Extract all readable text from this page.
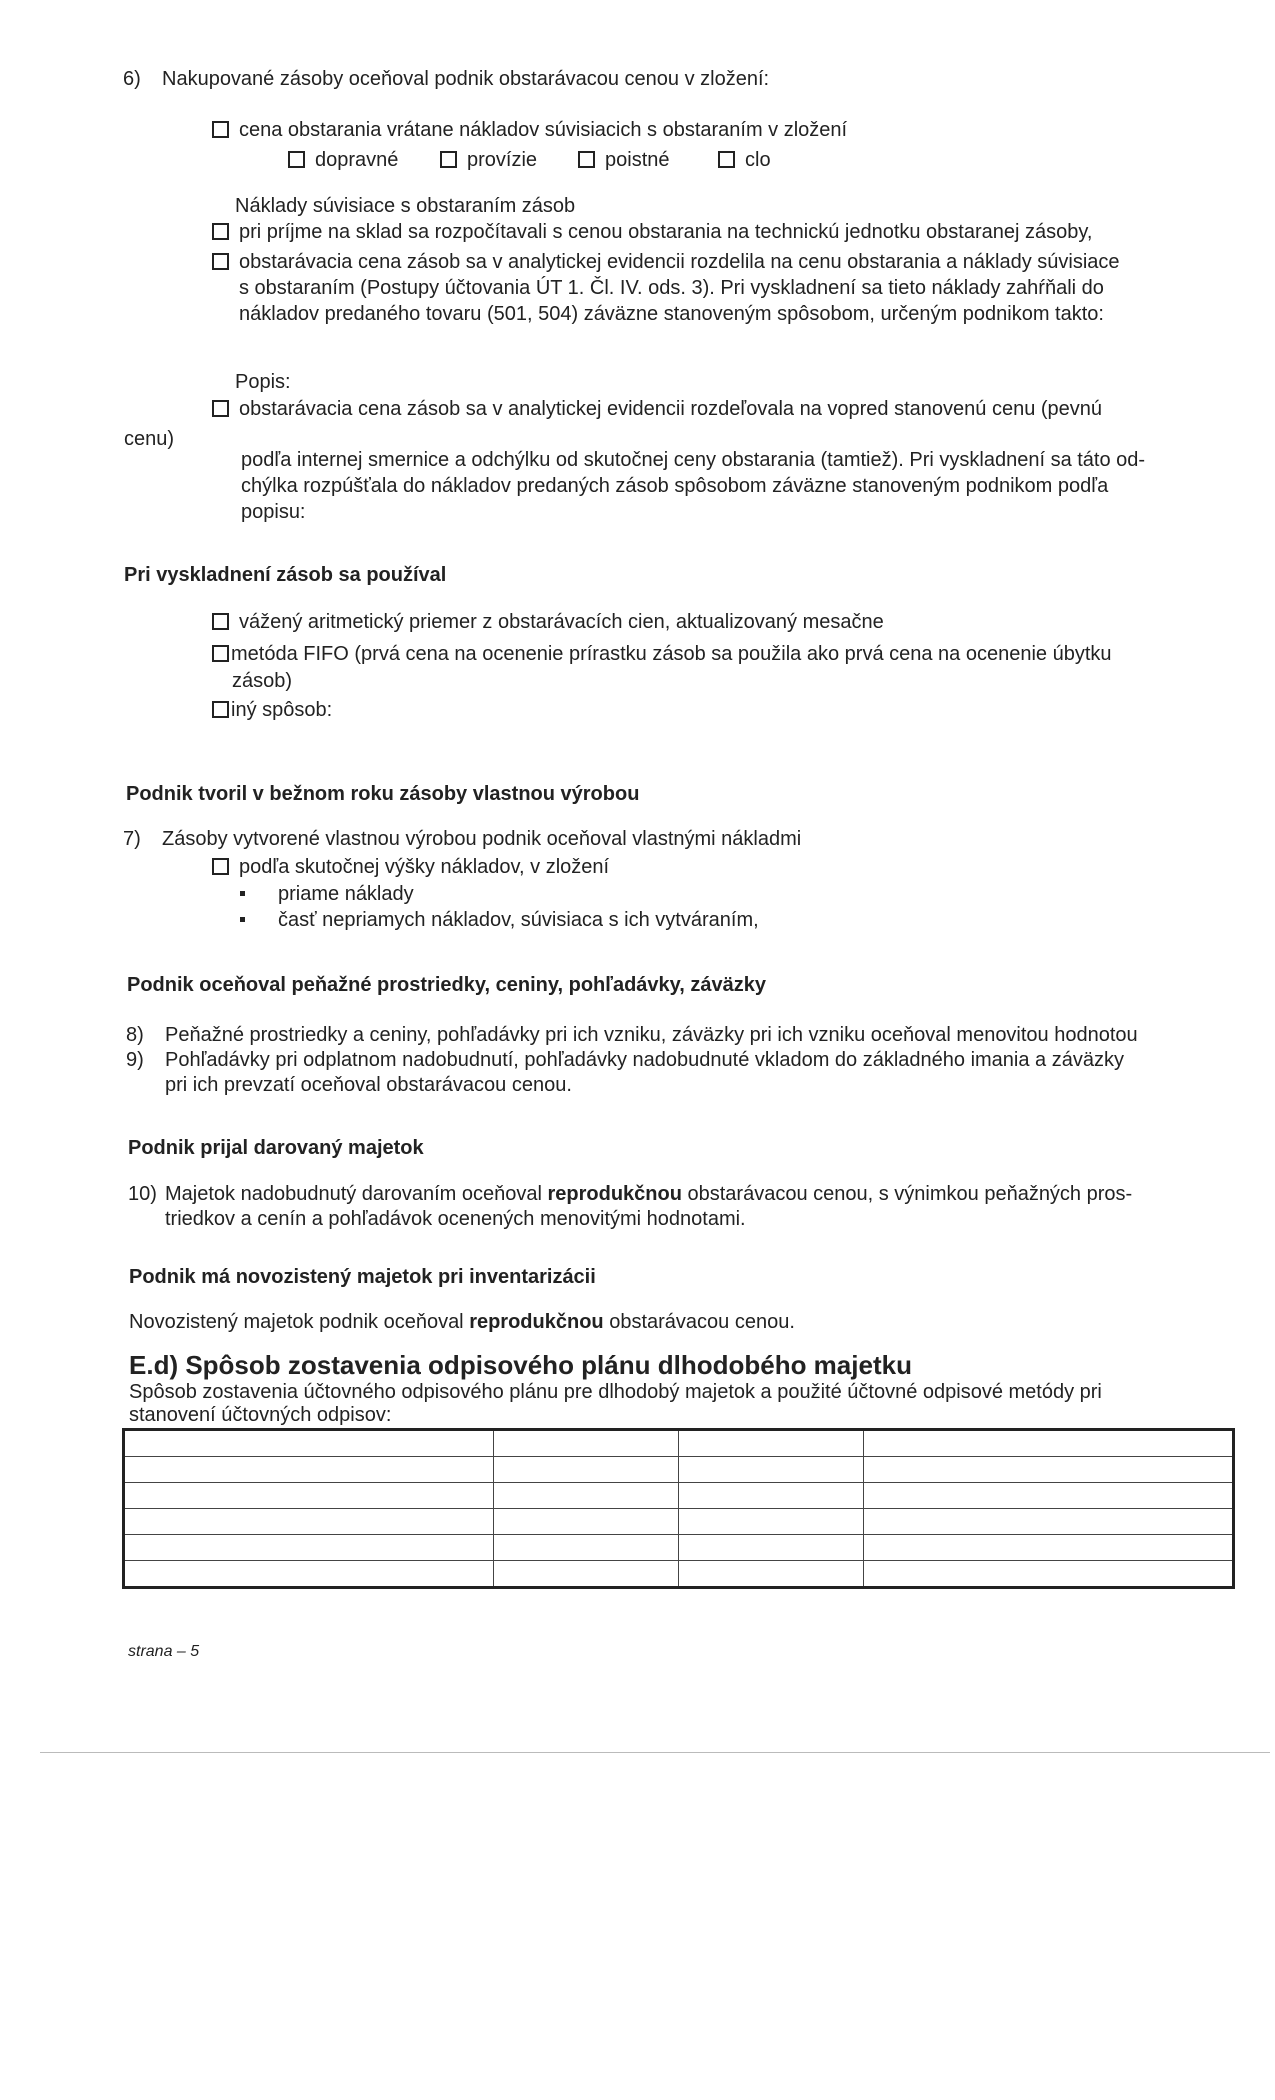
6) Nakupované zásoby oceňoval podnik obstarávacou cenou v zložení:
cena obstarania vrátane nákladov súvisiacich s obstaraním v zložení
dopravné	provízie	poistné	clo
Náklady súvisiace s obstaraním zásob
pri príjme na sklad sa rozpočítavali s cenou obstarania na technickú jednotku obstaranej zásoby,
obstarávacia cena zásob sa v analytickej evidencii rozdelila na cenu obstarania a náklady súvisiace
s obstaraním (Postupy účtovania ÚT 1. Čl. IV. ods. 3). Pri vyskladnení sa tieto náklady zahŕňali do
nákladov predaného tovaru (501, 504) záväzne stanoveným spôsobom, určeným podnikom takto:
Popis:
obstarávacia cena zásob sa v analytickej evidencii rozdeľovala na vopred stanovenú cenu (pevnú
cenu)
podľa internej smernice a odchýlku od skutočnej ceny obstarania (tamtiež). Pri vyskladnení sa táto od-
chýlka rozpúšťala do nákladov predaných zásob spôsobom záväzne stanoveným podnikom podľa
popisu:
Pri vyskladnení zásob sa používal
vážený aritmetický priemer z obstarávacích cien, aktualizovaný mesačne
metóda FIFO (prvá cena na ocenenie prírastku zásob sa použila ako prvá cena na ocenenie úbytku
zásob)
iný spôsob:
Podnik tvoril v bežnom roku zásoby vlastnou výrobou
7) Zásoby vytvorené vlastnou výrobou podnik oceňoval vlastnými nákladmi
podľa skutočnej výšky nákladov, v zložení
priame náklady
časť nepriamych nákladov, súvisiaca s ich vytváraním,
Podnik oceňoval peňažné prostriedky, ceniny, pohľadávky, záväzky
8) Peňažné prostriedky a ceniny, pohľadávky pri ich vzniku, záväzky pri ich vzniku oceňoval menovitou hodnotou
9) Pohľadávky pri odplatnom nadobudnutí, pohľadávky nadobudnuté vkladom do základného imania a záväzky
pri ich prevzatí oceňoval obstarávacou cenou.
Podnik prijal darovaný majetok
10) Majetok nadobudnutý darovaním oceňoval reprodukčnou obstarávacou cenou, s výnimkou peňažných pros-
triedkov a cenín a pohľadávok ocenených menovitými hodnotami.
Podnik má novozistený majetok pri inventarizácii
Novozistený majetok podnik oceňoval reprodukčnou obstarávacou cenou.
E.d) Spôsob zostavenia odpisového plánu dlhodobého majetku
Spôsob zostavenia účtovného odpisového plánu pre dlhodobý majetok a použité účtovné odpisové metódy pri
stanovení účtovných odpisov:

strana – 5
